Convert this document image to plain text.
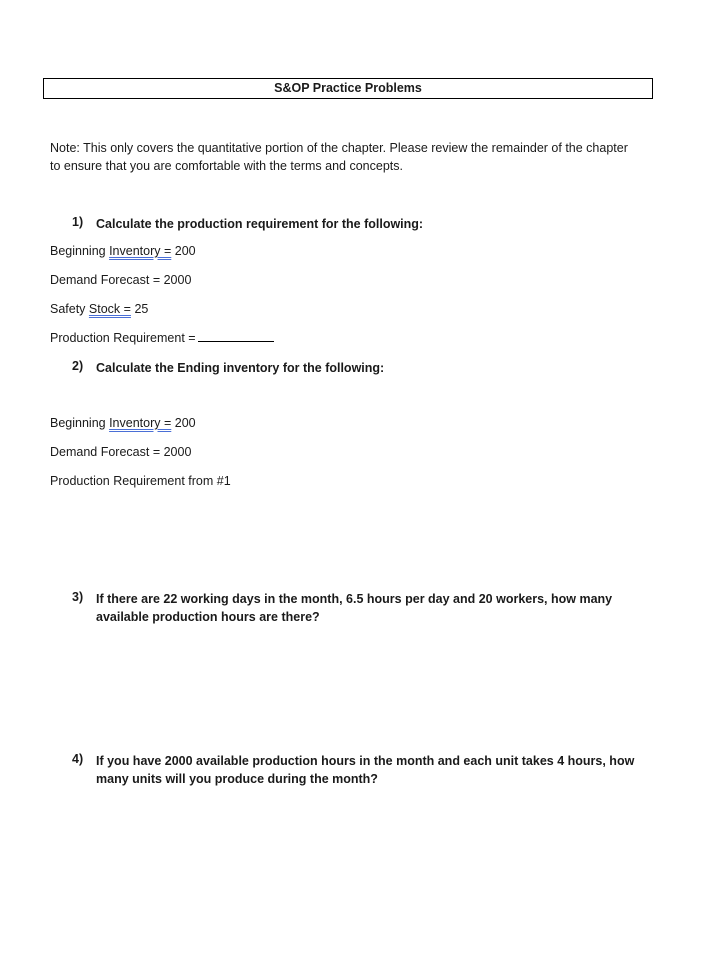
S&OP Practice Problems
Note: This only covers the quantitative portion of the chapter. Please review the remainder of the chapter to ensure that you are comfortable with the terms and concepts.
1) Calculate the production requirement for the following:
Beginning Inventory = 200
Demand Forecast = 2000
Safety Stock = 25
Production Requirement =
2) Calculate the Ending inventory for the following:
Beginning Inventory = 200
Demand Forecast = 2000
Production Requirement from #1
3) If there are 22 working days in the month, 6.5 hours per day and 20 workers, how many available production hours are there?
4) If you have 2000 available production hours in the month and each unit takes 4 hours, how many units will you produce during the month?
